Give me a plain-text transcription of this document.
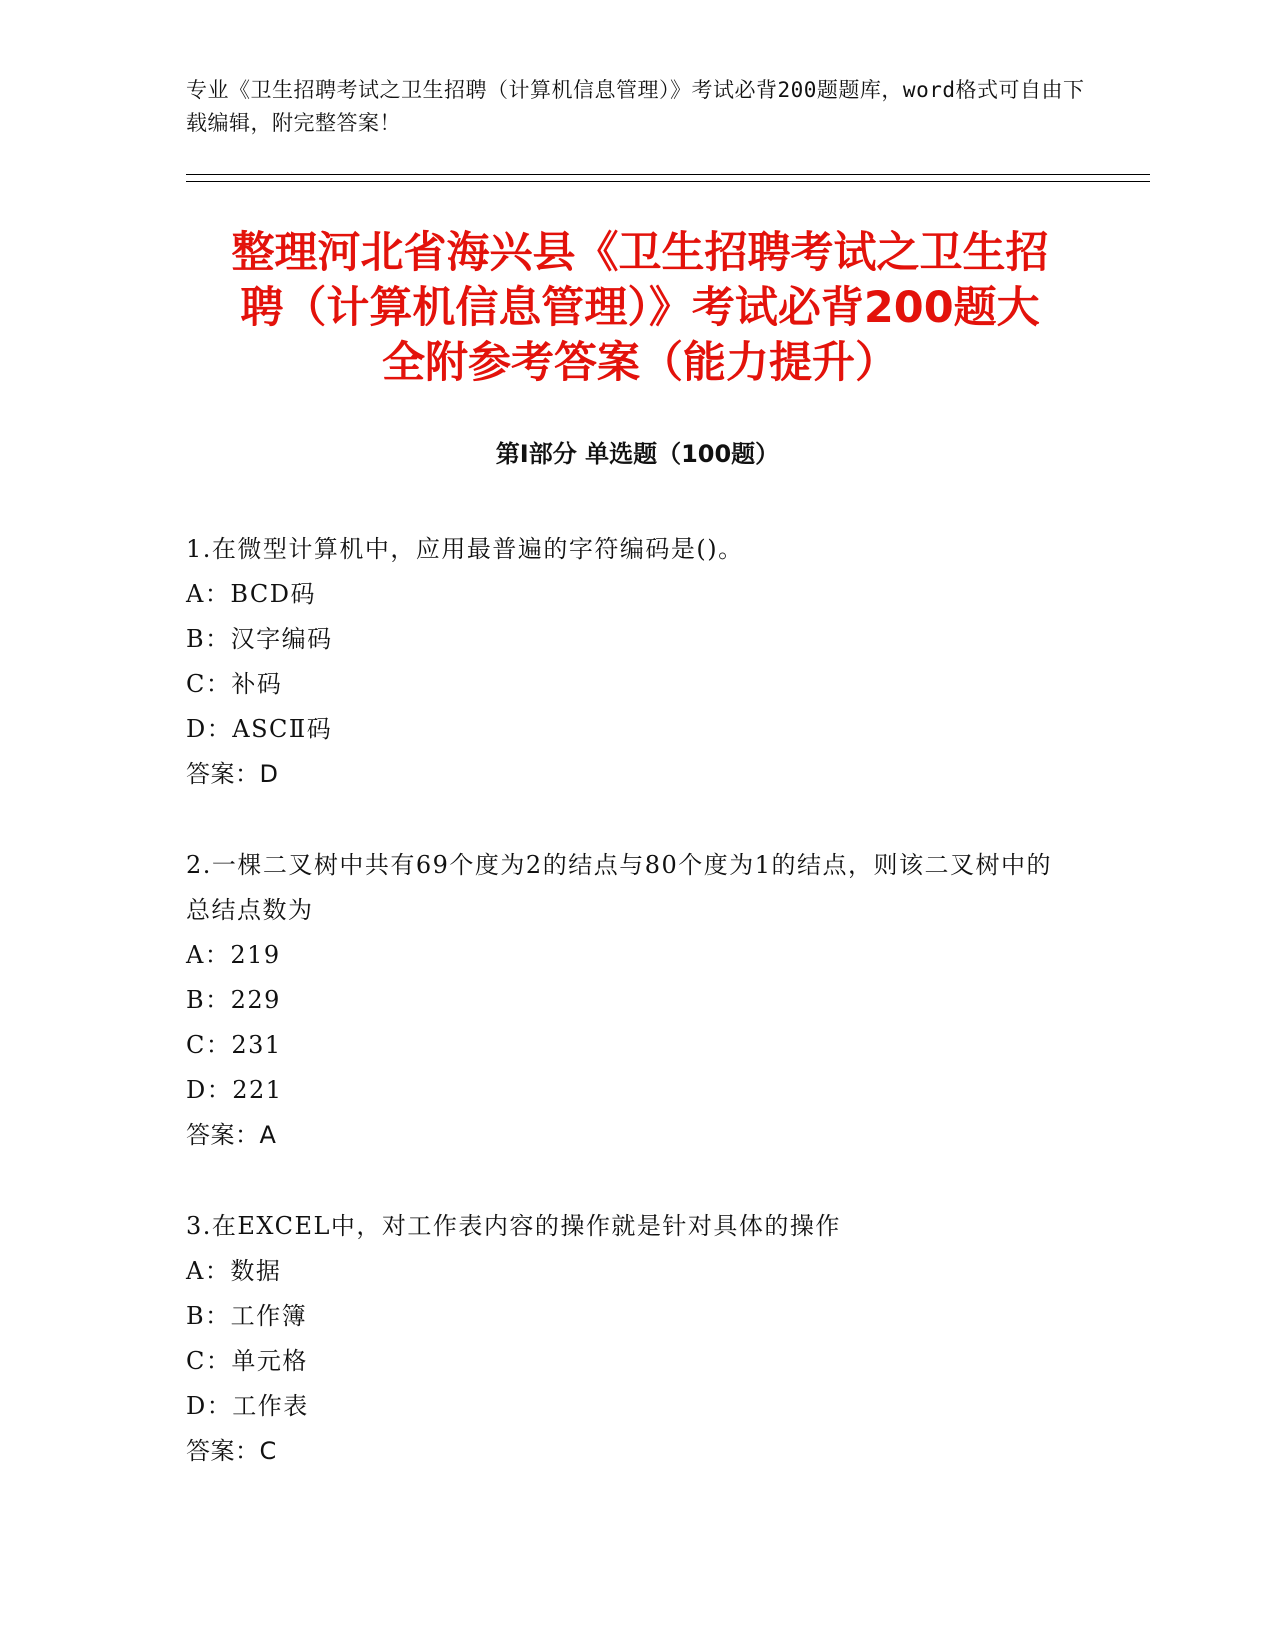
专业《卫生招聘考试之卫生招聘（计算机信息管理）》考试必背200题题库，word格式可自由下载编辑，附完整答案！
整理河北省海兴县《卫生招聘考试之卫生招
聘（计算机信息管理）》考试必背200题大
全附参考答案（能力提升）
第Ⅰ部分 单选题（100题）

1.在微型计算机中，应用最普遍的字符编码是()。

A：BCD码

B：汉字编码

C：补码

D：ASCⅡ码

答案：D

2.一棵二叉树中共有69个度为2的结点与80个度为1的结点，则该二叉树中的总结点数为

A：219

B：229

C：231

D：221

答案：A

3.在EXCEL中，对工作表内容的操作就是针对具体的操作

A：数据

B：工作簿

C：单元格

D：工作表

答案：C
